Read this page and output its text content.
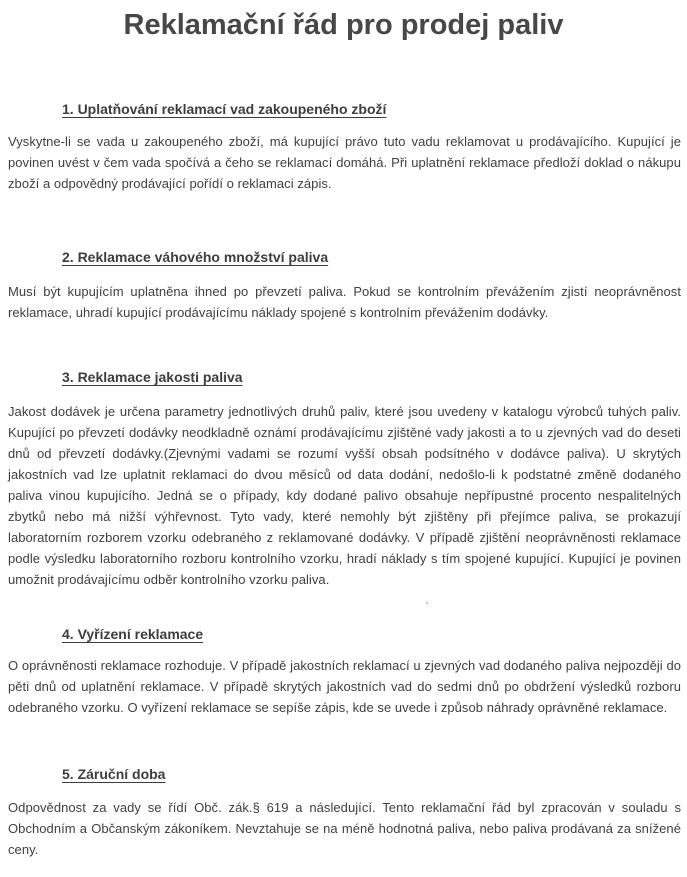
Reklamační řád pro prodej paliv
1. Uplatňování reklamací vad zakoupeného zboží

Vyskytne-li se vada u zakoupeného zboží, má kupující právo tuto vadu reklamovat u prodávajícího. Kupující je povinen uvést v čem vada spočívá a čeho se reklamací domáhá. Při uplatnění reklamace předloží doklad o nákupu zboží a odpovědný prodávající pořídí o reklamaci zápis.

2. Reklamace váhového množství paliva

Musí být kupujícím uplatněna ihned po převzetí paliva. Pokud se kontrolním převážením zjistí neoprávněnost reklamace, uhradí kupující prodávajícímu náklady spojené s kontrolním převážením dodávky.

3. Reklamace jakosti paliva

Jakost dodávek je určena parametry jednotlivých druhů paliv, které jsou uvedeny v katalogu výrobců tuhých paliv. Kupující po převzetí dodávky neodkladně oznámí prodávajícímu zjištěné vady jakosti a to u zjevných vad do deseti dnů od převzetí dodávky.(Zjevnými vadami se rozumí vyšší obsah podsítného v dodávce paliva). U skrytých jakostních vad lze uplatnit reklamaci do dvou měsíců od data dodání, nedošlo-li k podstatné změně dodaného paliva vinou kupujícího. Jedná se o případy, kdy dodané palivo obsahuje nepřípustné procento nespalitelných zbytků nebo má nižší výhřevnost. Tyto vady, které nemohly být zjištěny při přejímce paliva, se prokazují laboratorním rozborem vzorku odebraného z reklamované dodávky. V případě zjištění neoprávněnosti reklamace podle výsledku laboratorního rozboru kontrolního vzorku, hradí náklady s tím spojené kupující. Kupující je povinen umožnit prodávajícímu odběr kontrolního vzorku paliva.

4. Vyřízení reklamace

O oprávněnosti reklamace rozhoduje. V případě jakostních reklamací u zjevných vad dodaného paliva nejpozději do pěti dnů od uplatnění reklamace. V případě skrytých jakostních vad do sedmi dnů po obdržení výsledků rozboru odebraného vzorku. O vyřízení reklamace se sepíše zápis, kde se uvede i způsob náhrady oprávněné reklamace.

5. Záruční doba

Odpovědnost za vady se řídí Obč. zák.§ 619 a následující. Tento reklamační řád byl zpracován v souladu s Obchodním a Občanským zákoníkem. Nevztahuje se na méně hodnotná paliva, nebo paliva prodávaná za snížené ceny.

`
